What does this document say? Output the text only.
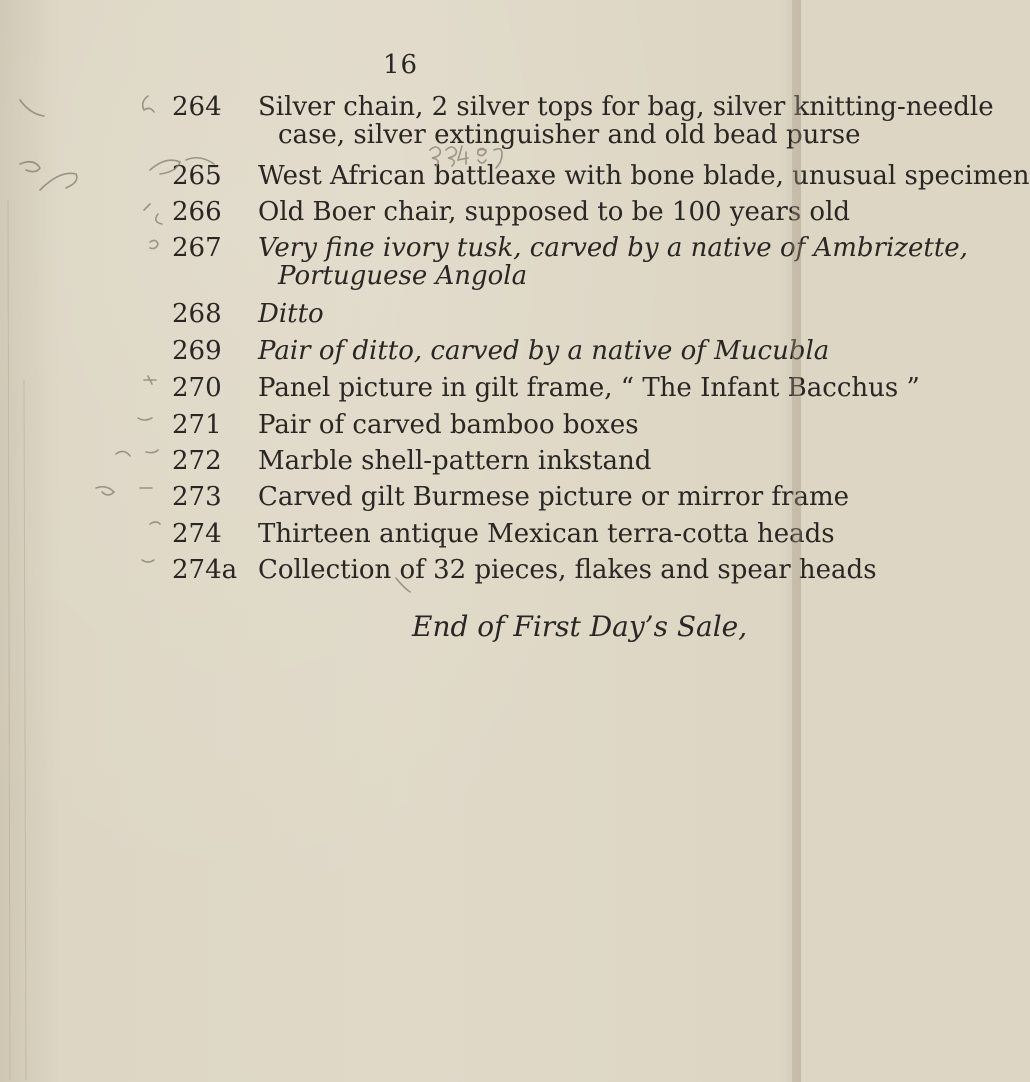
16
264	Silver chain, 2 silver tops for bag, silver knitting-needle
case, silver extinguisher and old bead purse
265	West African battleaxe with bone blade, unusual specimen
266	Old Boer chair, supposed to be 100 years old
267	Very fine ivory tusk, carved by a native of Ambrizette,
Portuguese Angola
268	Ditto
269	Pair of ditto, carved by a native of Mucubla
270	Panel picture in gilt frame, “ The Infant Bacchus ”
271	Pair of carved bamboo boxes
272	Marble shell-pattern inkstand
273	Carved gilt Burmese picture or mirror frame
274	Thirteen antique Mexican terra-cotta heads
274a Collection of 32 pieces, flakes and spear heads
End of First Day’s Sale,
